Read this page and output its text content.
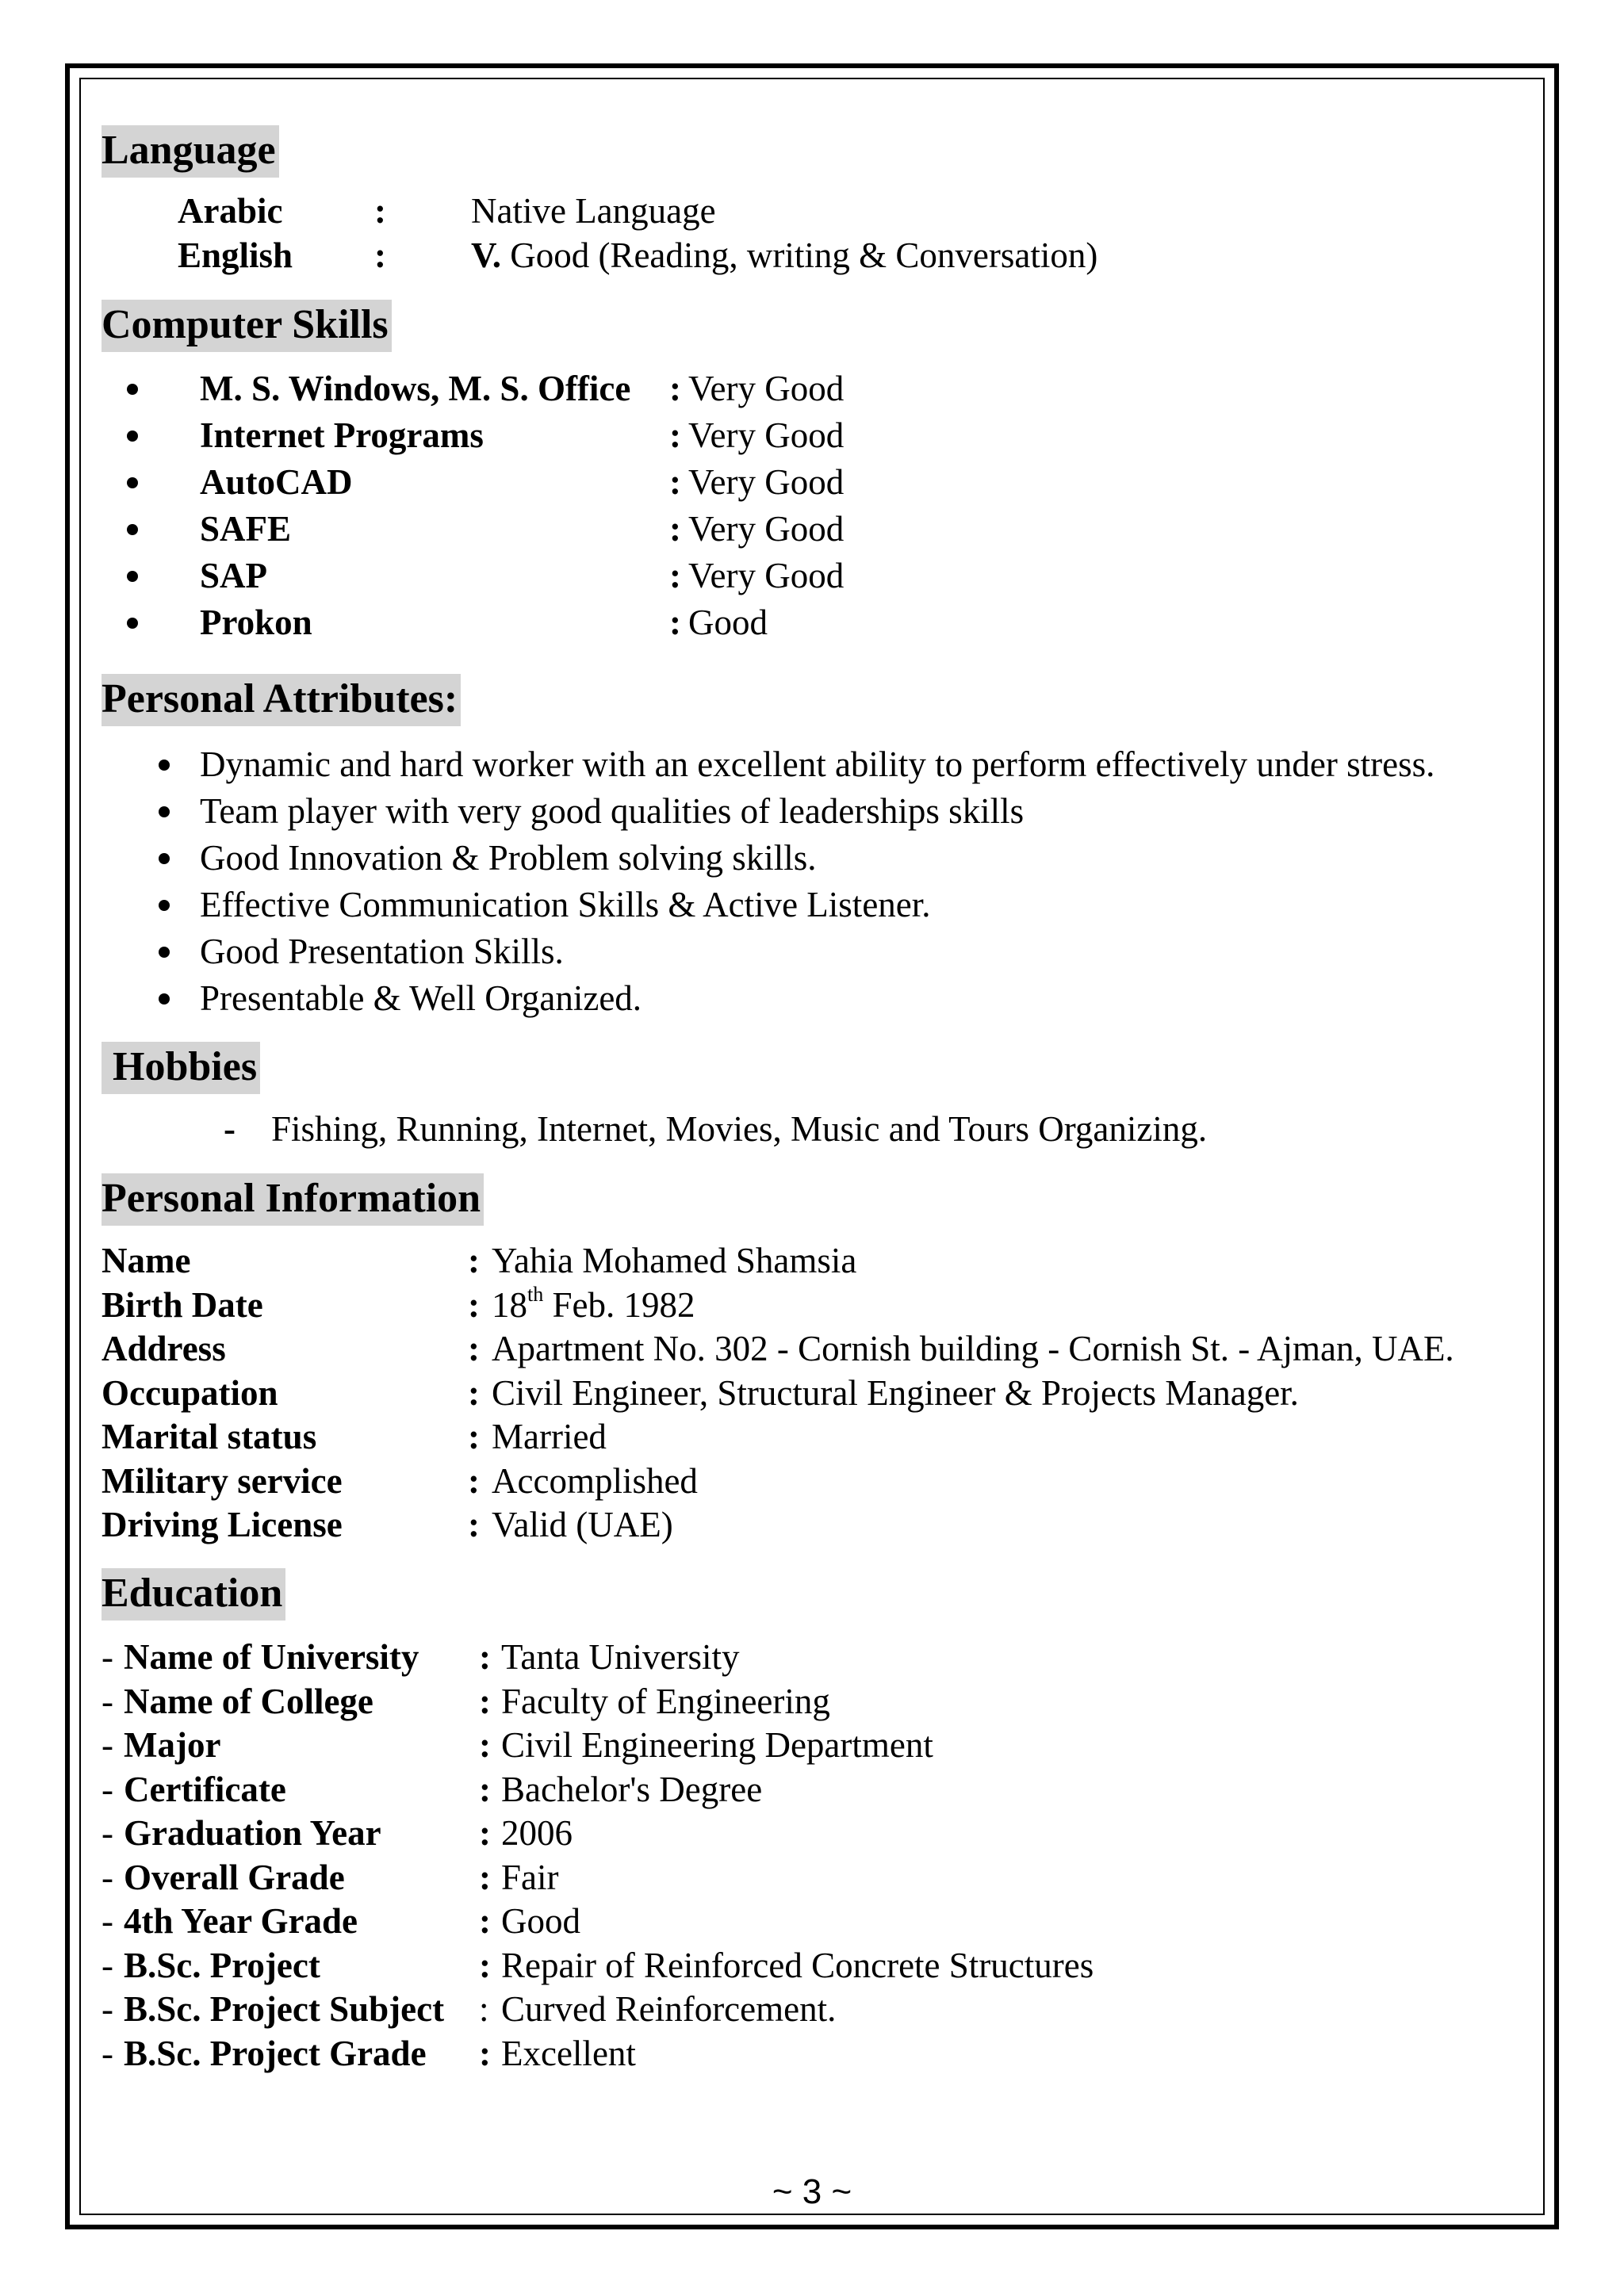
Language
Arabic	: Native Language
English : V. Good (Reading, writing & Conversation)
Computer Skills
M. S. Windows, M. S. Office : Very Good
Internet Programs	: Very Good
AutoCAD	: Very Good
SAFE	: Very Good
SAP	: Very Good
Prokon	: Good
Personal Attributes:
Dynamic and hard worker with an excellent ability to perform effectively under stress.
Team player with very good qualities of leaderships skills
Good Innovation & Problem solving skills.
Effective Communication Skills & Active Listener.
Good Presentation Skills.
Presentable & Well Organized.
Hobbies
- Fishing, Running, Internet, Movies, Music and Tours Organizing.
Personal Information
Name	: Yahia Mohamed Shamsia
Birth Date	: 18th Feb. 1982
Address	: Apartment No. 302 - Cornish building - Cornish St. - Ajman, UAE.
Occupation	: Civil Engineer, Structural Engineer & Projects Manager.
Marital status	: Married
Military service	: Accomplished
Driving License	: Valid (UAE)
Education
- Name of University : Tanta University
- Name of College	: Faculty of Engineering
- Major	: Civil Engineering Department
- Certificate	: Bachelor's Degree
- Graduation Year	: 2006
- Overall Grade	: Fair
- 4th Year Grade	: Good
- B.Sc. Project	: Repair of Reinforced Concrete Structures
- B.Sc. Project Subject : Curved Reinforcement.
- B.Sc. Project Grade : Excellent
~ 3 ~
